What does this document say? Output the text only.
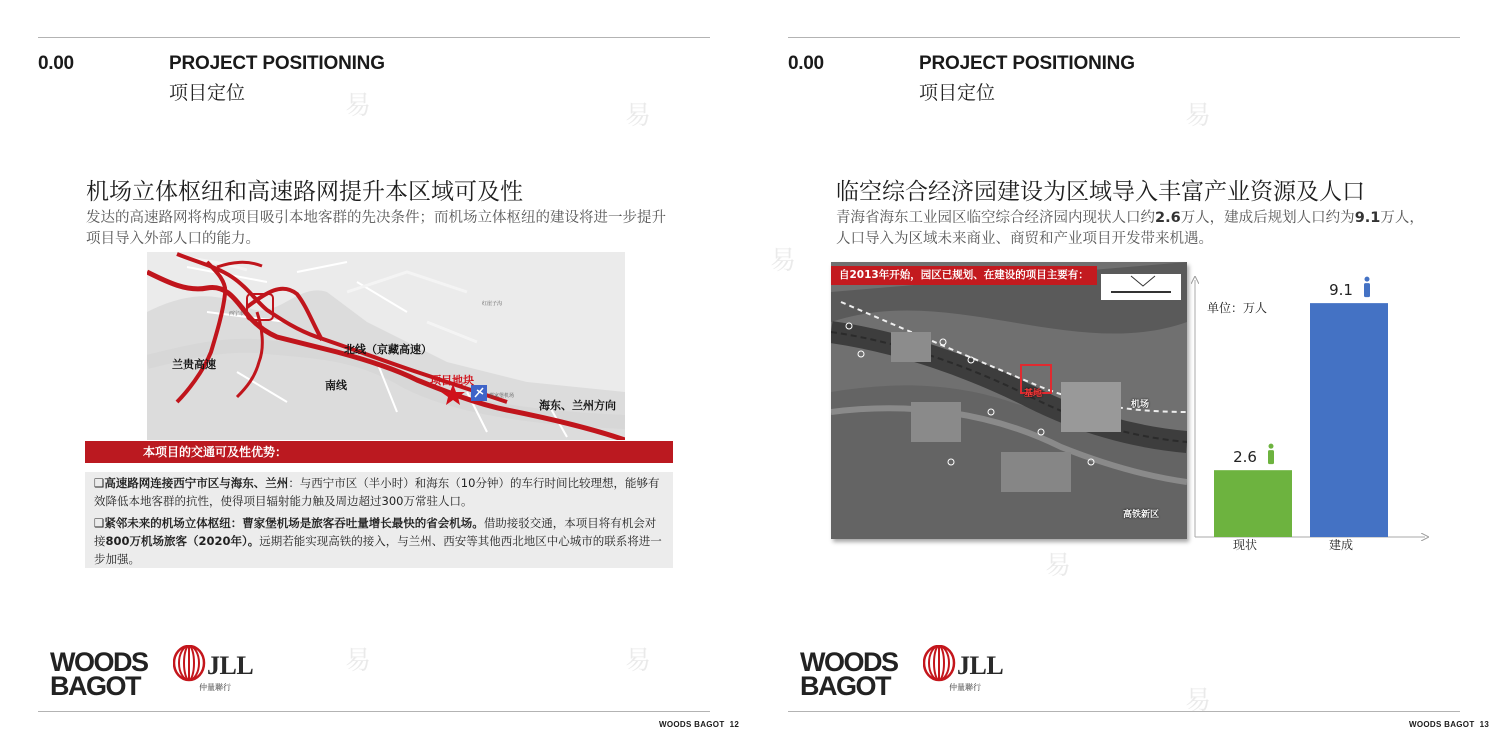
0.00	PROJECT POSITIONING
项目定位
机场立体枢纽和高速路网提升本区域可及性
发达的高速路网将构成项目吸引本地客群的先决条件；而机场立体枢纽的建设将进一步提升项目导入外部人口的能力。
兰贵高速
北线（京藏高速）
南线	项目地块
海东、兰州方向
西宁市
曹家堡机场
红崖子沟
本项目的交通可及性优势：
❑高速路网连接西宁市区与海东、兰州：与西宁市区（半小时）和海东（10分钟）的车行时间比较理想，能够有效降低本地客群的抗性，使得项目辐射能力触及周边超过300万常驻人口。
❑紧邻未来的机场立体枢纽：曹家堡机场是旅客吞吐量增长最快的省会机场。借助接驳交通，本项目将有机会对接800万机场旅客（2020年）。远期若能实现高铁的接入，与兰州、西安等其他西北地区中心城市的联系将进一步加强。
WOODS
BAGOT
JLL
仲量聯行
WOODS BAGOT 12
0.00	PROJECT POSITIONING
项目定位
临空综合经济园建设为区域导入丰富产业资源及人口
青海省海东工业园区临空综合经济园内现状人口约2.6万人，建成后规划人口约为9.1万人，人口导入为区域未来商业、商贸和产业项目开发带来机遇。
WOODS BAGOT 13
WOODS
BAGOT
JLL
仲量聯行
自2013年开始，园区已规划、在建设的项目主要有：
基地
机场
高铁新区
单位：万人
2.6
现状
9.1
建成
易	易
易	易
易
易
易
易
